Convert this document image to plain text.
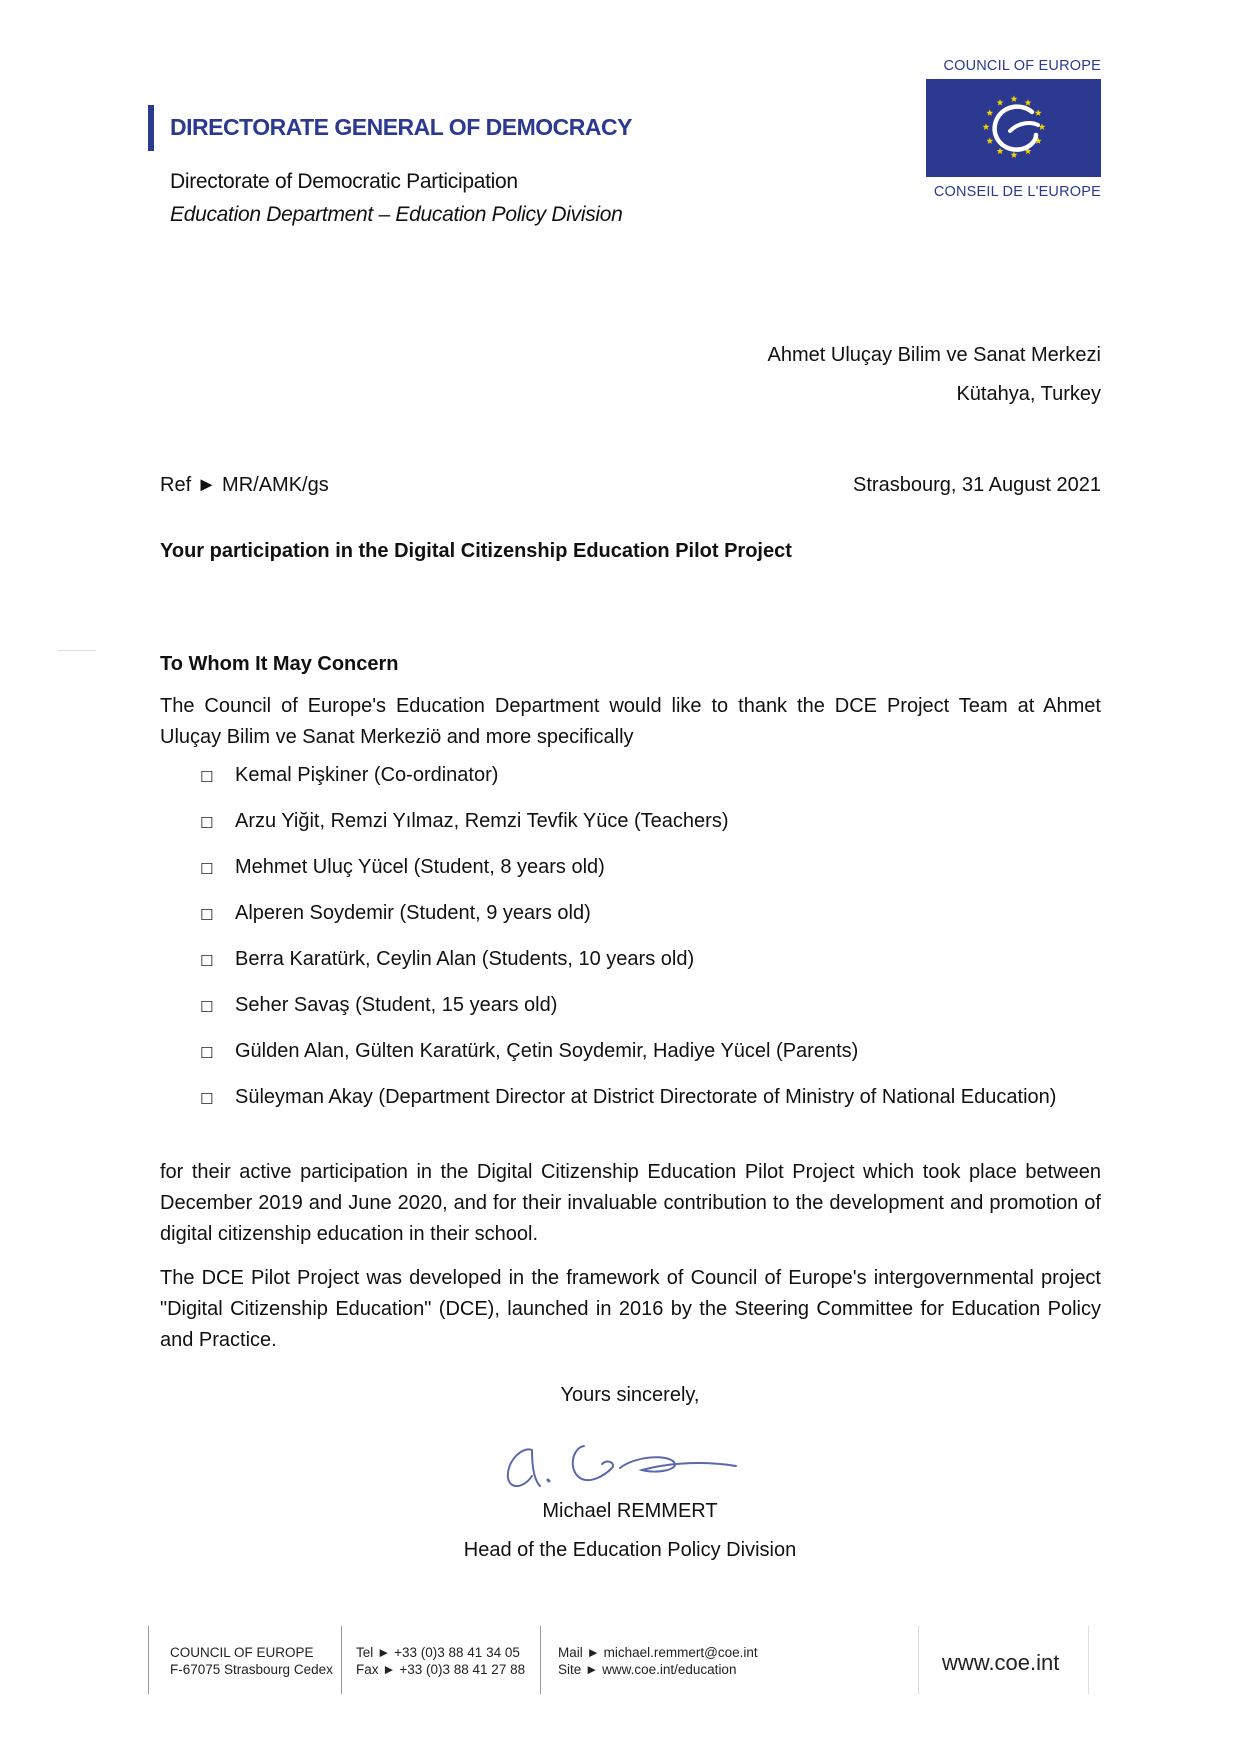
DIRECTORATE GENERAL OF DEMOCRACY
Directorate of Democratic Participation
Education Department – Education Policy Division
COUNCIL OF EUROPE
CONSEIL DE L'EUROPE
Ahmet Uluçay Bilim ve Sanat Merkezi
Kütahya, Turkey
Ref ► MR/AMK/gs	Strasbourg, 31 August 2021
Your participation in the Digital Citizenship Education Pilot Project
To Whom It May Concern
The Council of Europe's Education Department would like to thank the DCE Project Team at Ahmet Uluçay Bilim ve Sanat Merkeziö and more specifically
☐ Kemal Pişkiner (Co-ordinator)
☐ Arzu Yiğit, Remzi Yılmaz, Remzi Tevfik Yüce (Teachers)
☐ Mehmet Uluç Yücel (Student, 8 years old)
☐ Alperen Soydemir (Student, 9 years old)
☐ Berra Karatürk, Ceylin Alan (Students, 10 years old)
☐ Seher Savaş (Student, 15 years old)
☐ Gülden Alan, Gülten Karatürk, Çetin Soydemir, Hadiye Yücel (Parents)
☐ Süleyman Akay (Department Director at District Directorate of Ministry of National Education)
for their active participation in the Digital Citizenship Education Pilot Project which took place between December 2019 and June 2020, and for their invaluable contribution to the development and promotion of digital citizenship education in their school.
The DCE Pilot Project was developed in the framework of Council of Europe's intergovernmental project "Digital Citizenship Education" (DCE), launched in 2016 by the Steering Committee for Education Policy and Practice.
Yours sincerely,
Michael REMMERT
Head of the Education Policy Division
COUNCIL OF EUROPE
F-67075 Strasbourg Cedex
Tel ► +33 (0)3 88 41 34 05
Fax ► +33 (0)3 88 41 27 88
Mail ► michael.remmert@coe.int
Site ► www.coe.int/education	www.coe.int
